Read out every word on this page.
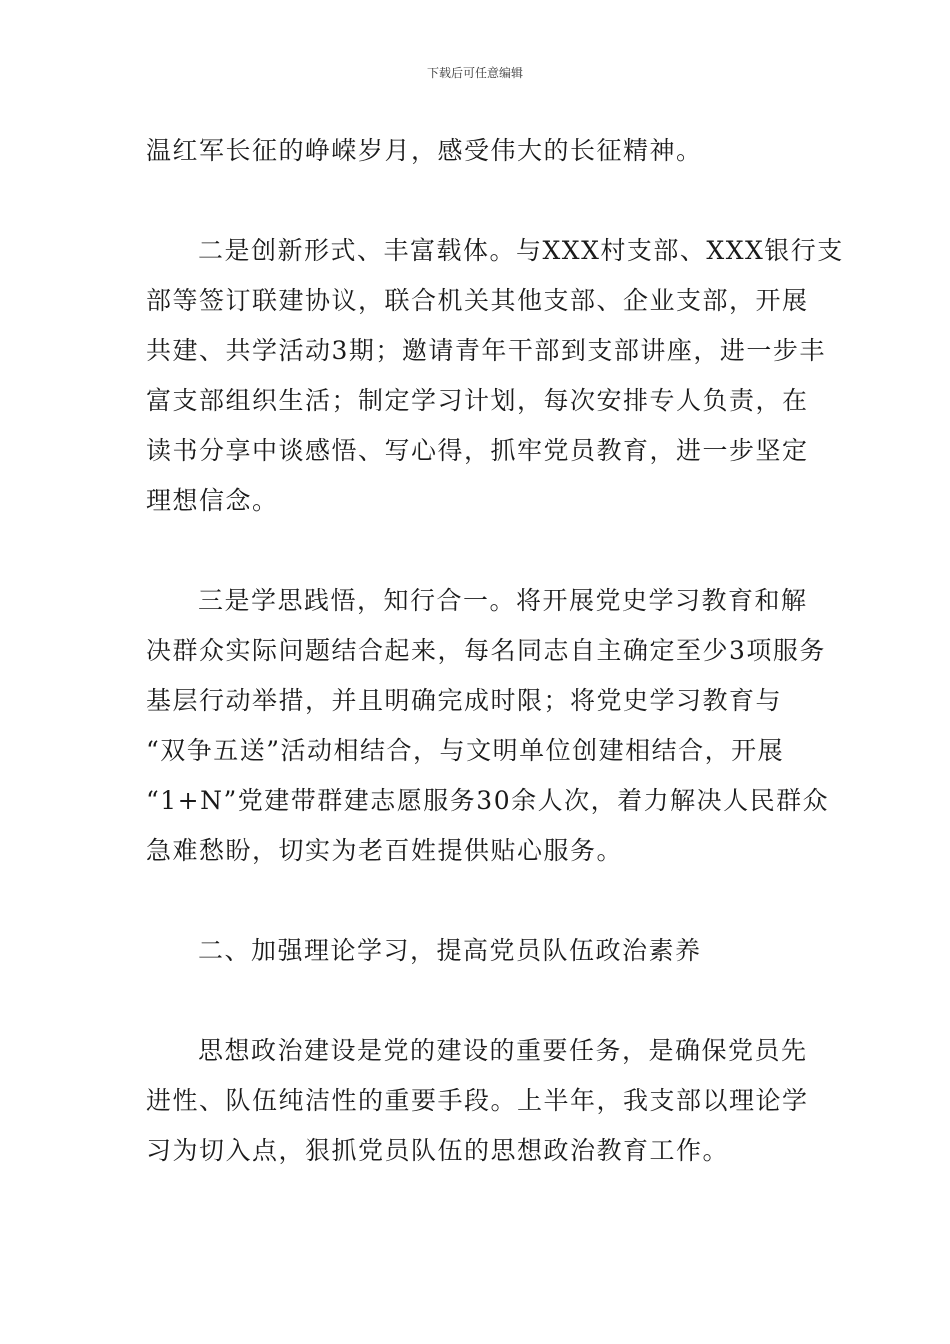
下载后可任意编辑
温红军长征的峥嵘岁月，感受伟大的长征精神。
二是创新形式、丰富载体。与XXX村支部、XXX银行支
部等签订联建协议，联合机关其他支部、企业支部，开展
共建、共学活动3期；邀请青年干部到支部讲座，进一步丰
富支部组织生活；制定学习计划，每次安排专人负责，在
读书分享中谈感悟、写心得，抓牢党员教育，进一步坚定
理想信念。
三是学思践悟，知行合一。将开展党史学习教育和解
决群众实际问题结合起来，每名同志自主确定至少3项服务
基层行动举措，并且明确完成时限；将党史学习教育与
“双争五送”活动相结合，与文明单位创建相结合，开展
“1+N”党建带群建志愿服务30余人次，着力解决人民群众
急难愁盼，切实为老百姓提供贴心服务。
二、加强理论学习，提高党员队伍政治素养
思想政治建设是党的建设的重要任务，是确保党员先
进性、队伍纯洁性的重要手段。上半年，我支部以理论学
习为切入点，狠抓党员队伍的思想政治教育工作。
